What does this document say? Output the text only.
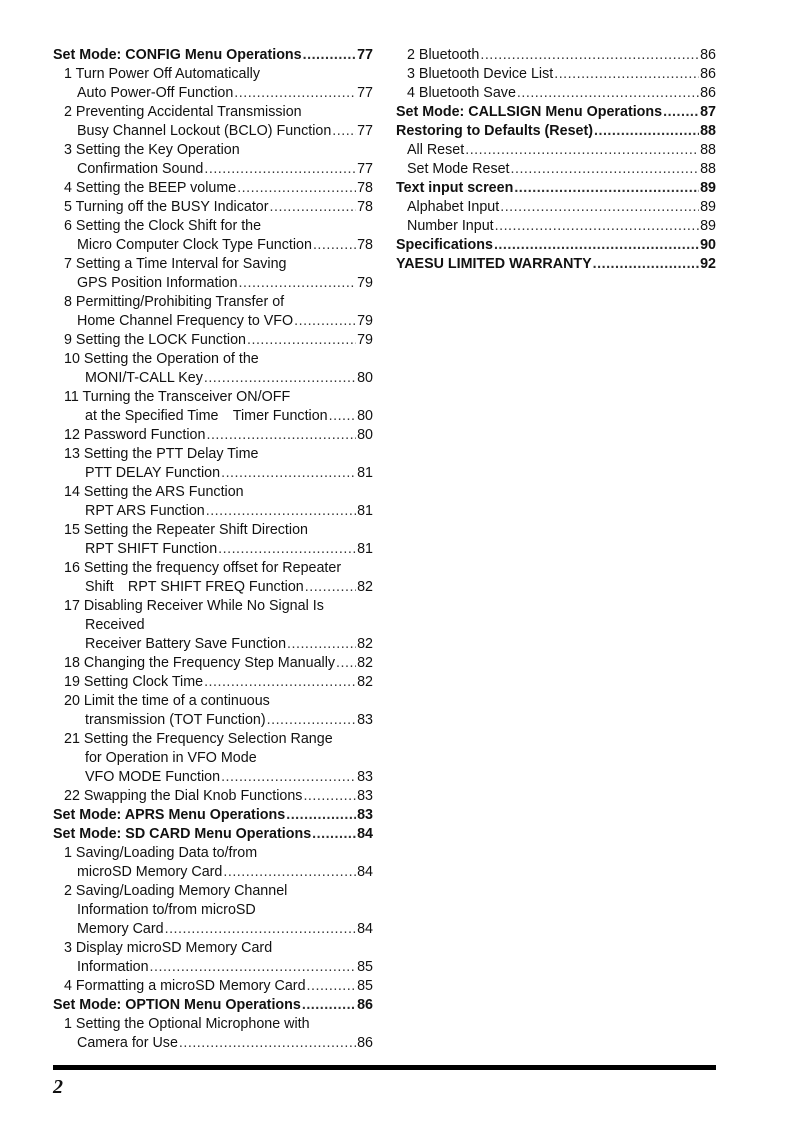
Set Mode: CONFIG Menu Operations .....	77
1 Turn Power Off Automatically
Auto Power-Off Function .....	77
2 Preventing Accidental Transmission
Busy Channel Lockout (BCLO) Function ..... 77
3 Setting the Key Operation
Confirmation Sound .....	77
4 Setting the BEEP volume .....	78
5 Turning off the BUSY Indicator .....	78
6 Setting the Clock Shift for the
Micro Computer Clock Type Function .....	78
7 Setting a Time Interval for Saving
GPS Position Information .....	79
8 Permitting/Prohibiting Transfer of
Home Channel Frequency to VFO .....	79
9 Setting the LOCK Function .....	79
10 Setting the Operation of the
MONI/T-CALL Key .....	80
11 Turning the Transceiver ON/OFF
at the Specified Time Timer Function ..... 80
12 Password Function .....	80
13 Setting the PTT Delay Time
PTT DELAY Function .....	81
14 Setting the ARS Function
RPT ARS Function .....	81
15 Setting the Repeater Shift Direction
RPT SHIFT Function .....	81
16 Setting the frequency offset for Repeater
Shift RPT SHIFT FREQ Function .....	82
17 Disabling Receiver While No Signal Is
Received
Receiver Battery Save Function .....	82
18 Changing the Frequency Step Manually ..... 82
19 Setting Clock Time .....	82
20 Limit the time of a continuous
transmission (TOT Function) .....	83
21 Setting the Frequency Selection Range
for Operation in VFO Mode
VFO MODE Function .....	83
22 Swapping the Dial Knob Functions .....	83
Set Mode: APRS Menu Operations .....	83
Set Mode: SD CARD Menu Operations .....	84
1 Saving/Loading Data to/from
microSD Memory Card .....	84
2 Saving/Loading Memory Channel
Information to/from microSD
Memory Card .....	84
3 Display microSD Memory Card
Information .....	85
4 Formatting a microSD Memory Card .....	85
Set Mode: OPTION Menu Operations .....	86
1 Setting the Optional Microphone with
Camera for Use .....	86
2 Bluetooth .....	86
3 Bluetooth Device List .....	86
4 Bluetooth Save .....	86
Set Mode: CALLSIGN Menu Operations .....	87
Restoring to Defaults (Reset) .....	88
All Reset .....	88
Set Mode Reset .....	88
Text input screen .....	89
Alphabet Input .....	89
Number Input .....	89
Specifications .....	90
YAESU LIMITED WARRANTY .....	92
2
